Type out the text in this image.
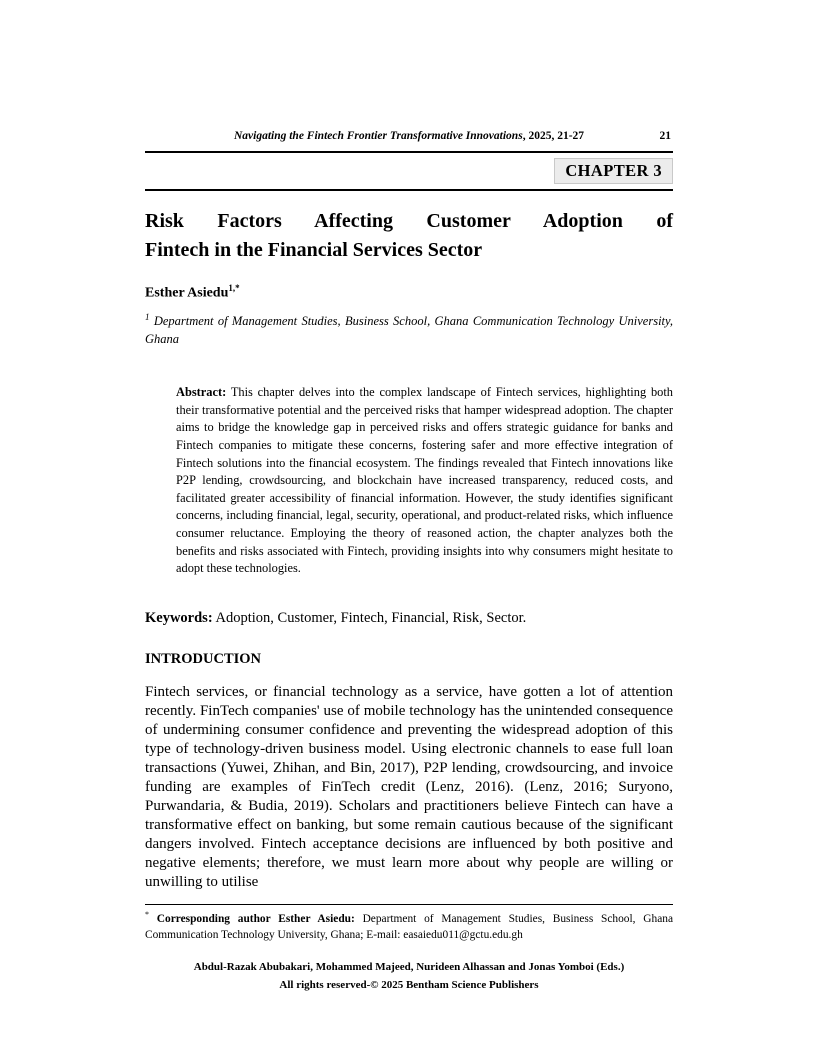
Navigating the Fintech Frontier Transformative Innovations, 2025, 21-27	21
CHAPTER 3
Risk Factors Affecting Customer Adoption of
Fintech in the Financial Services Sector
Esther Asiedu$^{1,*}$
$^1$ Department of Management Studies, Business School, Ghana Communication Technology University, Ghana
Abstract: This chapter delves into the complex landscape of Fintech services, highlighting both their transformative potential and the perceived risks that hamper widespread adoption. The chapter aims to bridge the knowledge gap in perceived risks and offers strategic guidance for banks and Fintech companies to mitigate these concerns, fostering safer and more effective integration of Fintech solutions into the financial ecosystem. The findings revealed that Fintech innovations like P2P lending, crowdsourcing, and blockchain have increased transparency, reduced costs, and facilitated greater accessibility of financial information. However, the study identifies significant concerns, including financial, legal, security, operational, and product-related risks, which influence consumer reluctance. Employing the theory of reasoned action, the chapter analyzes both the benefits and risks associated with Fintech, providing insights into why consumers might hesitate to adopt these technologies.
Keywords: Adoption, Customer, Fintech, Financial, Risk, Sector.
INTRODUCTION

Fintech services, or financial technology as a service, have gotten a lot of attention recently. FinTech companies' use of mobile technology has the unintended consequence of undermining consumer confidence and preventing the widespread adoption of this type of technology-driven business model. Using electronic channels to ease full loan transactions (Yuwei, Zhihan, and Bin, 2017), P2P lending, crowdsourcing, and invoice funding are examples of FinTech credit (Lenz, 2016). (Lenz, 2016; Suryono, Purwandaria, & Budia, 2019). Scholars and practitioners believe Fintech can have a transformative effect on banking, but some remain cautious because of the significant dangers involved. Fintech acceptance decisions are influenced by both positive and negative elements; therefore, we must learn more about why people are willing or unwilling to utilise

* Corresponding author Esther Asiedu: Department of Management Studies, Business School, Ghana Communication Technology University, Ghana; E-mail: easaiedu011@gctu.edu.gh
Abdul-Razak Abubakari, Mohammed Majeed, Nurideen Alhassan and Jonas Yomboi (Eds.)
All rights reserved-© 2025 Bentham Science Publishers
